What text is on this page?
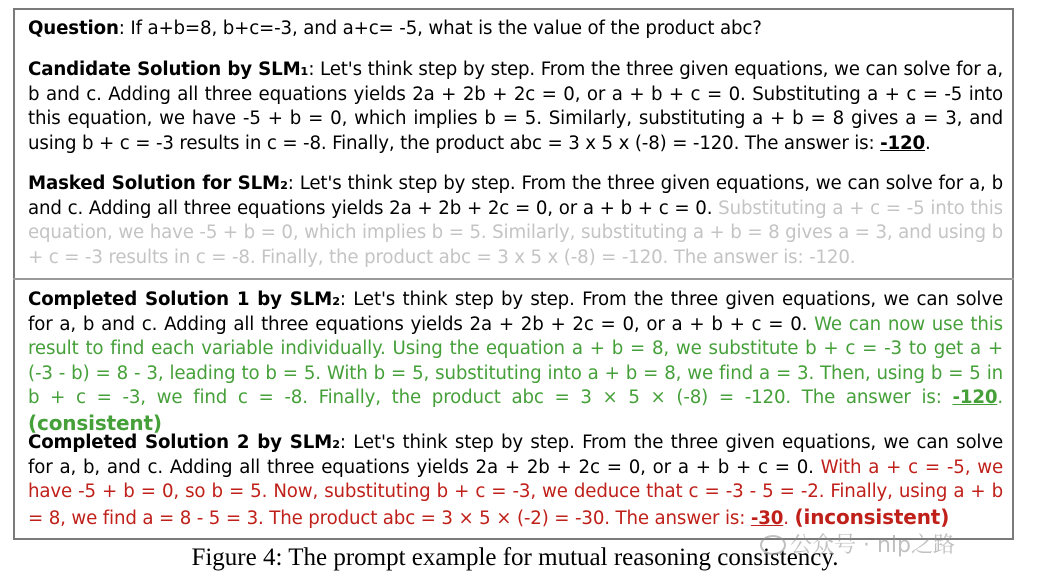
Question: If a+b=8, b+c=-3, and a+c= -5, what is the value of the product abc?
Candidate Solution by SLM₁: Let's think step by step. From the three given equations, we can solve for a, b and c. Adding all three equations yields 2a + 2b + 2c = 0, or a + b + c = 0. Substituting a + c = -5 into this equation, we have -5 + b = 0, which implies b = 5. Similarly, substituting a + b = 8 gives a = 3, and using b + c = -3 results in c = -8. Finally, the product abc = 3 x 5 x (-8) = -120. The answer is: -120.
Masked Solution for SLM₂: Let's think step by step. From the three given equations, we can solve for a, b and c. Adding all three equations yields 2a + 2b + 2c = 0, or a + b + c = 0. Substituting a + c = -5 into this equation, we have -5 + b = 0, which implies b = 5. Similarly, substituting a + b = 8 gives a = 3, and using b + c = -3 results in c = -8. Finally, the product abc = 3 x 5 x (-8) = -120. The answer is: -120.
Completed Solution 1 by SLM₂: Let's think step by step. From the three given equations, we can solve for a, b and c. Adding all three equations yields 2a + 2b + 2c = 0, or a + b + c = 0. We can now use this result to find each variable individually. Using the equation a + b = 8, we substitute b + c = -3 to get a + (-3 - b) = 8 - 3, leading to b = 5. With b = 5, substituting into a + b = 8, we find a = 3. Then, using b = 5 in b + c = -3, we find c = -8. Finally, the product abc = 3 × 5 × (-8) = -120. The answer is: -120. (consistent)
Completed Solution 2 by SLM₂: Let's think step by step. From the three given equations, we can solve for a, b, and c. Adding all three equations yields 2a + 2b + 2c = 0, or a + b + c = 0. With a + c = -5, we have -5 + b = 0, so b = 5. Now, substituting b + c = -3, we deduce that c = -3 - 5 = -2. Finally, using a + b = 8, we find a = 8 - 5 = 3. The product abc = 3 × 5 × (-2) = -30. The answer is: -30. (inconsistent)
Figure 4: The prompt example for mutual reasoning consistency.
公众号 · nlp之路
